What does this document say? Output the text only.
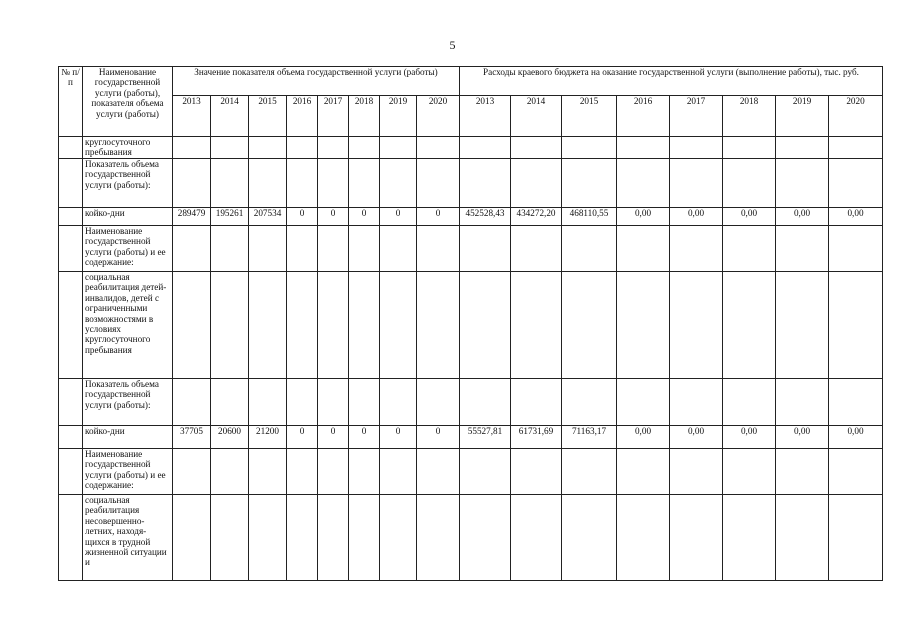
5
№ п/ п	Наименование государственной услуги (работы), показателя объема услуги (работы)	Значение показателя объема государственной услуги (работы)								Расходы краевого бюджета на оказание государственной услуги (выполнение работы), тыс. руб.							
		2013	2014	2015	2016	2017	2018	2019	2020	2013	2014	2015	2016	2017	2018	2019	2020
	круглосуточного пребывания																
	Показатель объема государственной услуги (работы):																
	койко-дни	289479	195261	207534	0	0	0	0	0	452528,43	434272,20	468110,55	0,00	0,00	0,00	0,00	0,00
	Наименование государственной услуги (работы) и ее содержание:																
	социальная реабилитация детей-инвалидов, детей с ограниченными возможностями в условиях круглосуточного пребывания																
	Показатель объема государственной услуги (работы):																
	койко-дни	37705	20600	21200	0	0	0	0	0	55527,81	61731,69	71163,17	0,00	0,00	0,00	0,00	0,00
	Наименование государственной услуги (работы) и ее содержание:																
	социальная реабилитация несовершенно-летних, находя-щихся в трудной жизненной ситуации и																
